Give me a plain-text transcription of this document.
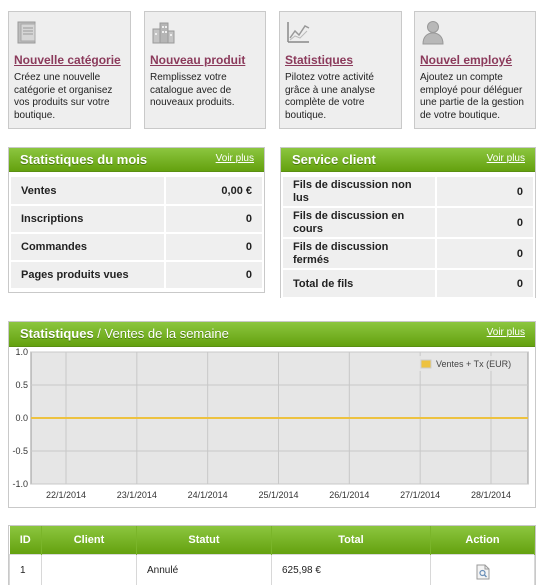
Nouvelle catégorie
Créez une nouvelle catégorie et organisez vos produits sur votre boutique.
Nouveau produit
Remplissez votre catalogue avec de nouveaux produits.
Statistiques
Pilotez votre activité grâce à une analyse complète de votre boutique.
Nouvel employé
Ajoutez un compte employé pour déléguer une partie de la gestion de votre boutique.
Statistiques du mois	Voir plus
Ventes	0,00 €
Inscriptions	0
Commandes	0
Pages produits vues	0
Service client	Voir plus
Fils de discussion non lus	0
Fils de discussion en cours	0
Fils de discussion fermés	0
Total de fils	0
Statistiques / Ventes de la semaine	Voir plus
1.0
0.5
0.0
-0.5
-1.0
22/1/2014	23/1/2014	24/1/2014	25/1/2014	26/1/2014	27/1/2014	28/1/2014
Ventes + Tx (EUR)
ID	Client	Statut	Total	Action
1		Annulé	625,98 €	
